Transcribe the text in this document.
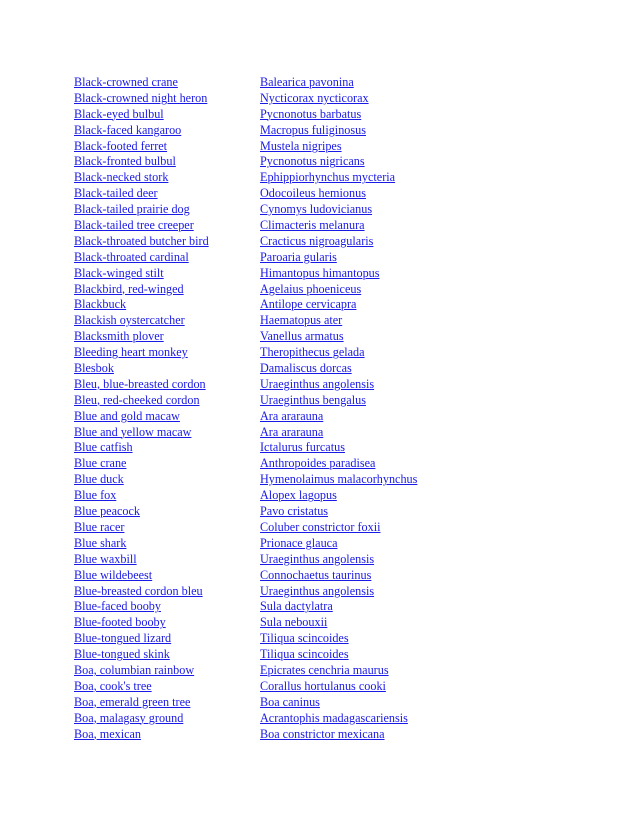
Black-crowned crane	Balearica pavonina
Black-crowned night heron	Nycticorax nycticorax
Black-eyed bulbul	Pycnonotus barbatus
Black-faced kangaroo	Macropus fuliginosus
Black-footed ferret	Mustela nigripes
Black-fronted bulbul	Pycnonotus nigricans
Black-necked stork	Ephippiorhynchus mycteria
Black-tailed deer	Odocoileus hemionus
Black-tailed prairie dog	Cynomys ludovicianus
Black-tailed tree creeper	Climacteris melanura
Black-throated butcher bird	Cracticus nigroagularis
Black-throated cardinal	Paroaria gularis
Black-winged stilt	Himantopus himantopus
Blackbird, red-winged	Agelaius phoeniceus
Blackbuck	Antilope cervicapra
Blackish oystercatcher	Haematopus ater
Blacksmith plover	Vanellus armatus
Bleeding heart monkey	Theropithecus gelada
Blesbok	Damaliscus dorcas
Bleu, blue-breasted cordon	Uraeginthus angolensis
Bleu, red-cheeked cordon	Uraeginthus bengalus
Blue and gold macaw	Ara ararauna
Blue and yellow macaw	Ara ararauna
Blue catfish	Ictalurus furcatus
Blue crane	Anthropoides paradisea
Blue duck	Hymenolaimus malacorhynchus
Blue fox	Alopex lagopus
Blue peacock	Pavo cristatus
Blue racer	Coluber constrictor foxii
Blue shark	Prionace glauca
Blue waxbill	Uraeginthus angolensis
Blue wildebeest	Connochaetus taurinus
Blue-breasted cordon bleu	Uraeginthus angolensis
Blue-faced booby	Sula dactylatra
Blue-footed booby	Sula nebouxii
Blue-tongued lizard	Tiliqua scincoides
Blue-tongued skink	Tiliqua scincoides
Boa, columbian rainbow	Epicrates cenchria maurus
Boa, cook's tree	Corallus hortulanus cooki
Boa, emerald green tree	Boa caninus
Boa, malagasy ground	Acrantophis madagascariensis
Boa, mexican	Boa constrictor mexicana
